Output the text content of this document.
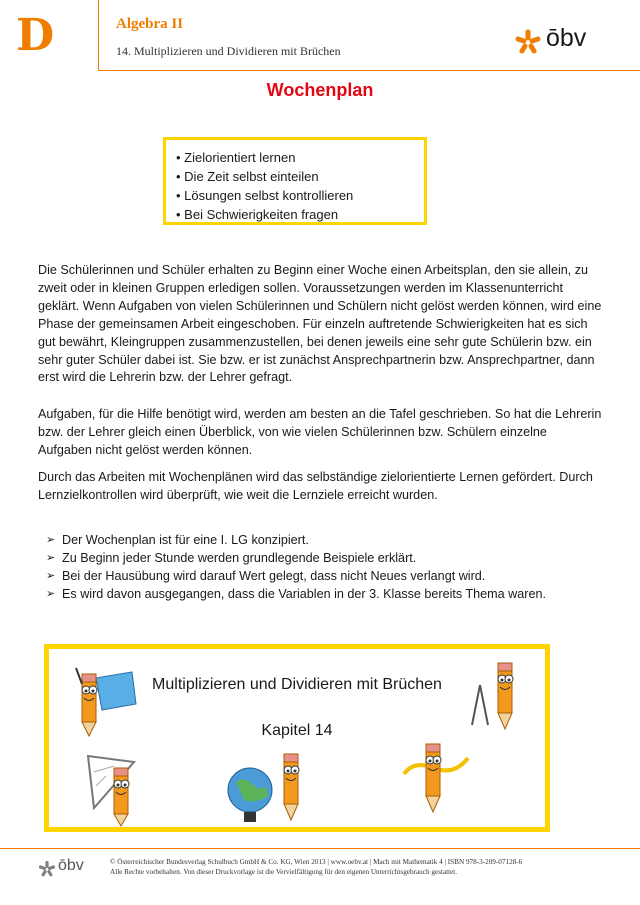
D	Algebra II
14. Multiplizieren und Dividieren mit Brüchen	ōbv
Wochenplan
• Zielorientiert lernen
• Die Zeit selbst einteilen
• Lösungen selbst kontrollieren
• Bei Schwierigkeiten fragen

Die Schülerinnen und Schüler erhalten zu Beginn einer Woche einen Arbeitsplan, den sie allein, zu zweit oder in kleinen Gruppen erledigen sollen. Voraussetzungen werden im Klassenunterricht geklärt. Wenn Aufgaben von vielen Schülerinnen und Schülern nicht gelöst werden können, wird eine Phase der gemeinsamen Arbeit eingeschoben. Für einzeln auftretende Schwierigkeiten hat es sich gut bewährt, Kleingruppen zusammenzustellen, bei denen jeweils eine sehr gute Schülerin bzw. ein sehr guter Schüler dabei ist. Sie bzw. er ist zunächst Ansprechpartnerin bzw. Ansprechpartner, dann erst wird die Lehrerin bzw. der Lehrer gefragt.

Aufgaben, für die Hilfe benötigt wird, werden am besten an die Tafel geschrieben. So hat die Lehrerin bzw. der Lehrer gleich einen Überblick, von wie vielen Schülerinnen bzw. Schülern einzelne Aufgaben nicht gelöst werden können.

Durch das Arbeiten mit Wochenplänen wird das selbständige zielorientierte Lernen gefördert. Durch Lernzielkontrollen wird überprüft, wie weit die Lernziele erreicht wurden.

➢ Der Wochenplan ist für eine I. LG konzipiert.
➢ Zu Beginn jeder Stunde werden grundlegende Beispiele erklärt.
➢ Bei der Hausübung wird darauf Wert gelegt, dass nicht Neues verlangt wird.
➢ Es wird davon ausgegangen, dass die Variablen in der 3. Klasse bereits Thema waren.
Multiplizieren und Dividieren mit Brüchen
Kapitel 14
ōbv	© Österreichischer Bundesverlag Schulbuch GmbH & Co. KG, Wien 2013 | www.oebv.at | Mach mit Mathematik 4 | ISBN 978-3-209-07128-6
Alle Rechte vorbehalten. Von dieser Druckvorlage ist die Vervielfältigung für den eigenen Unterrichtsgebrauch gestattet.
